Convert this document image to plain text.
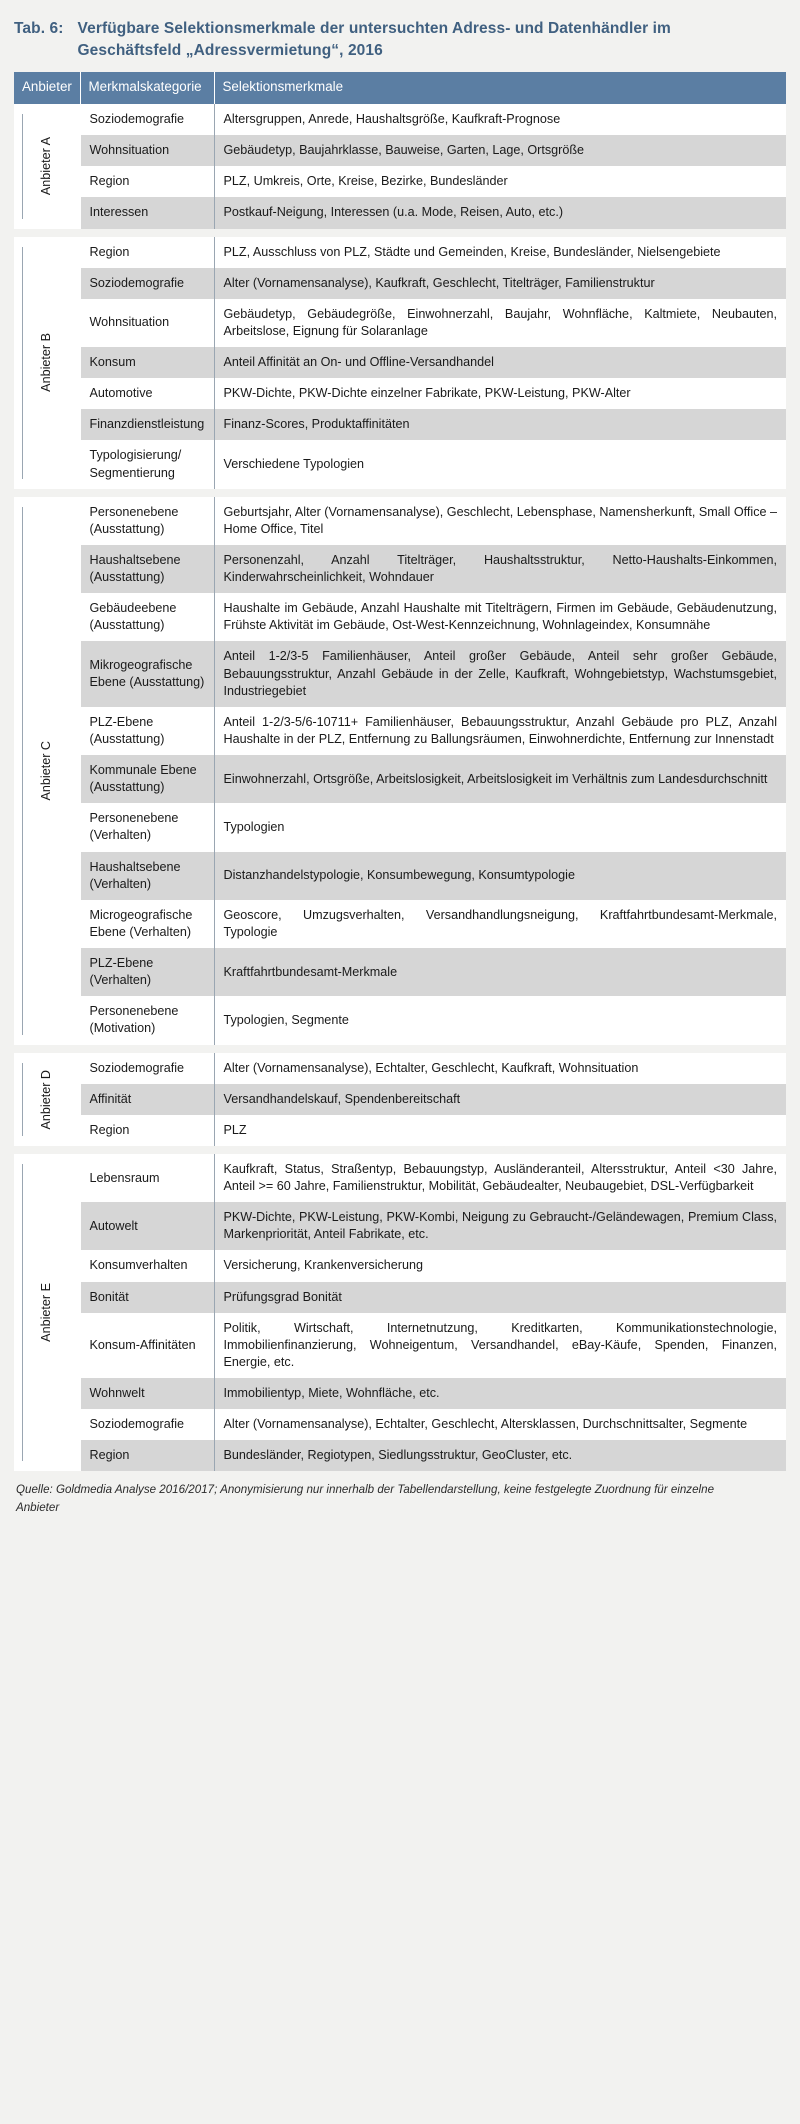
Tab. 6: Verfügbare Selektionsmerkmale der untersuchten Adress- und Datenhändler im Geschäftsfeld „Adressvermietung“, 2016
Anbieter	Merkmalskategorie	Selektionsmerkmale

Anbieter A	Soziodemografie	Altersgruppen, Anrede, Haushaltsgröße, Kaufkraft-Prognose
	Wohnsituation	Gebäudetyp, Baujahrklasse, Bauweise, Garten, Lage, Ortsgröße
	Region	PLZ, Umkreis, Orte, Kreise, Bezirke, Bundesländer
	Interessen	Postkauf-Neigung, Interessen (u.a. Mode, Reisen, Auto, etc.)

Anbieter B	Region	PLZ, Ausschluss von PLZ, Städte und Gemeinden, Kreise, Bundesländer, Nielsengebiete
	Soziodemografie	Alter (Vornamensanalyse), Kaufkraft, Geschlecht, Titelträger, Familienstruktur
	Wohnsituation	Gebäudetyp, Gebäudegröße, Einwohnerzahl, Baujahr, Wohnfläche, Kaltmiete, Neubauten, Arbeitslose, Eignung für Solaranlage
	Konsum	Anteil Affinität an On- und Offline-Versandhandel
	Automotive	PKW-Dichte, PKW-Dichte einzelner Fabrikate, PKW-Leistung, PKW-Alter
	Finanzdienstleistung	Finanz-Scores, Produktaffinitäten
	Typologisierung/ Segmentierung	Verschiedene Typologien

Anbieter C	Personenebene (Ausstattung)	Geburtsjahr, Alter (Vornamensanalyse), Geschlecht, Lebensphase, Namensherkunft, Small Office – Home Office, Titel
	Haushaltsebene (Ausstattung)	Personenzahl, Anzahl Titelträger, Haushaltsstruktur, Netto-Haushalts-Einkommen, Kinderwahrscheinlichkeit, Wohndauer
	Gebäudeebene (Ausstattung)	Haushalte im Gebäude, Anzahl Haushalte mit Titelträgern, Firmen im Gebäude, Gebäudenutzung, Frühste Aktivität im Gebäude, Ost-West-Kennzeichnung, Wohnlageindex, Konsumnähe
	Mikrogeografische Ebene (Ausstattung)	Anteil 1-2/3-5 Familienhäuser, Anteil großer Gebäude, Anteil sehr großer Gebäude, Bebauungsstruktur, Anzahl Gebäude in der Zelle, Kaufkraft, Wohngebietstyp, Wachstumsgebiet, Industriegebiet
	PLZ-Ebene (Ausstattung)	Anteil 1-2/3-5/6-10711+ Familienhäuser, Bebauungsstruktur, Anzahl Gebäude pro PLZ, Anzahl Haushalte in der PLZ, Entfernung zu Ballungsräumen, Einwohnerdichte, Entfernung zur Innenstadt
	Kommunale Ebene (Ausstattung)	Einwohnerzahl, Ortsgröße, Arbeitslosigkeit, Arbeitslosigkeit im Verhältnis zum Landesdurchschnitt
	Personenebene (Verhalten)	Typologien
	Haushaltsebene (Verhalten)	Distanzhandelstypologie, Konsumbewegung, Konsumtypologie
	Microgeografische Ebene (Verhalten)	Geoscore, Umzugsverhalten, Versandhandlungsneigung, Kraftfahrtbundesamt-Merkmale, Typologie
	PLZ-Ebene (Verhalten)	Kraftfahrtbundesamt-Merkmale
	Personenebene (Motivation)	Typologien, Segmente

Anbieter D	Soziodemografie	Alter (Vornamensanalyse), Echtalter, Geschlecht, Kaufkraft, Wohnsituation
	Affinität	Versandhandelskauf, Spendenbereitschaft
	Region	PLZ

Anbieter E	Lebensraum	Kaufkraft, Status, Straßentyp, Bebauungstyp, Ausländeranteil, Altersstruktur, Anteil <30 Jahre, Anteil >= 60 Jahre, Familienstruktur, Mobilität, Gebäudealter, Neubaugebiet, DSL-Verfügbarkeit
	Autowelt	PKW-Dichte, PKW-Leistung, PKW-Kombi, Neigung zu Gebraucht-/Geländewagen, Premium Class, Markenpriorität, Anteil Fabrikate, etc.
	Konsumverhalten	Versicherung, Krankenversicherung
	Bonität	Prüfungsgrad Bonität
	Konsum-Affinitäten	Politik, Wirtschaft, Internetnutzung, Kreditkarten, Kommunikationstechnologie, Immobilienfinanzierung, Wohneigentum, Versandhandel, eBay-Käufe, Spenden, Finanzen, Energie, etc.
	Wohnwelt	Immobilientyp, Miete, Wohnfläche, etc.
	Soziodemografie	Alter (Vornamensanalyse), Echtalter, Geschlecht, Altersklassen, Durchschnittsalter, Segmente
	Region	Bundesländer, Regiotypen, Siedlungsstruktur, GeoCluster, etc.
Quelle: Goldmedia Analyse 2016/2017; Anonymisierung nur innerhalb der Tabellendarstellung, keine festgelegte Zuordnung für einzelne Anbieter
